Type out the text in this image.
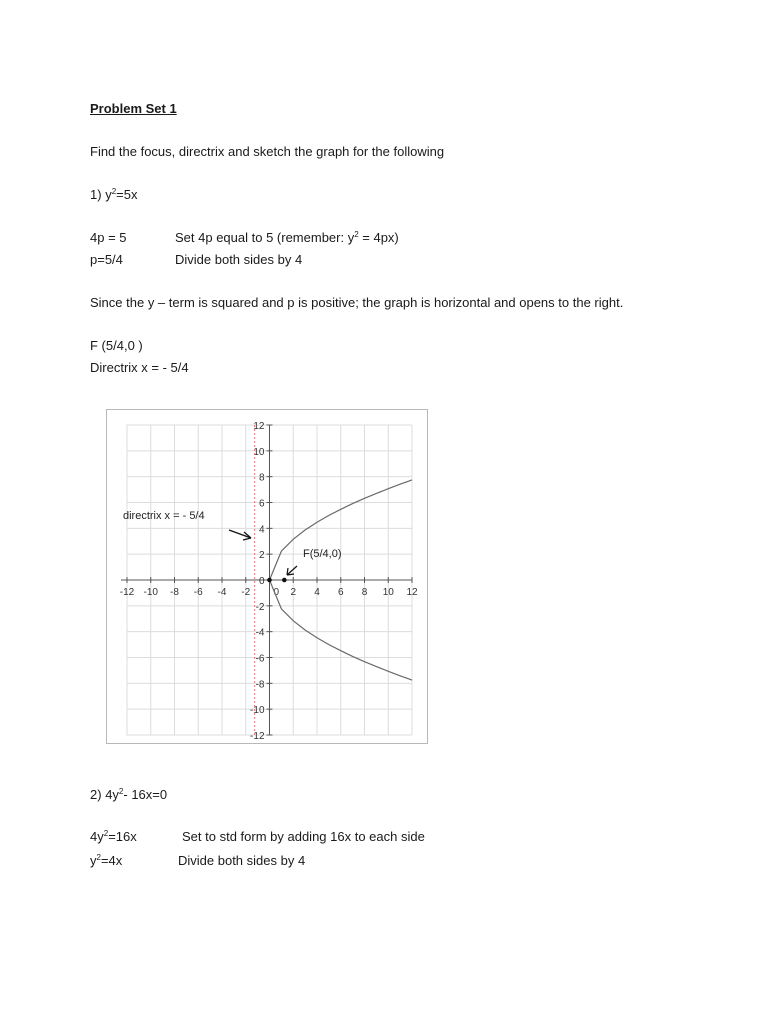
Problem Set 1
Find the focus, directrix and sketch the graph for the following
1) $y^2=5x$
4p = 5	Set 4p equal to 5 (remember: $y^2 = 4px$)
p=5/4	Divide both sides by 4
Since the y – term is squared and p is positive; the graph is horizontal and opens to the right.
F (5/4,0 )
Directrix x = - 5/4
-12 -10 -8 -6 -4 -2	2 4 6 8 10 12
12
10
8
6
4
2
0
-2
-4
-6
-8
-10
-12
0
directrix x = - 5/4
F(5/4,0)
2) $4y^2-$ 16x=0
$4y^2=16x$	Set to std form by adding 16x to each side
$y^2=4x$	Divide both sides by 4
